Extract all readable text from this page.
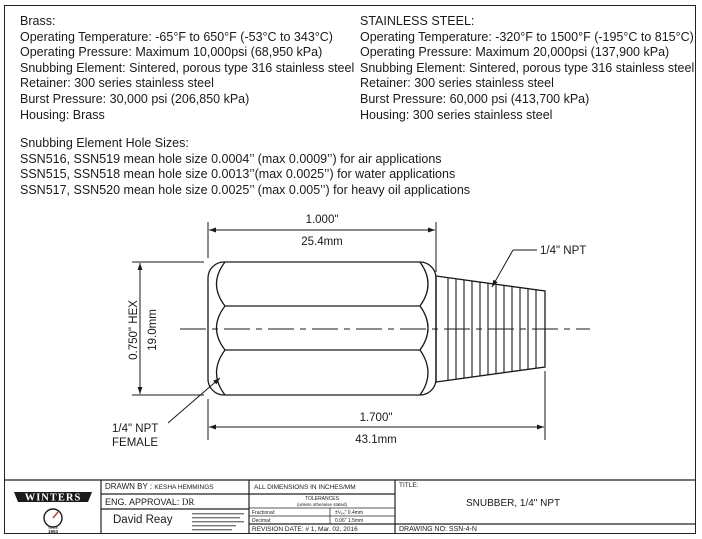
Brass:
Operating Temperature: -65°F to 650°F (-53°C to 343°C)
Operating Pressure: Maximum 10,000psi (68,950 kPa)
Snubbing Element: Sintered, porous type 316 stainless steel
Retainer: 300 series stainless steel
Burst Pressure: 30,000 psi (206,850 kPa)
Housing: Brass
STAINLESS STEEL:
Operating Temperature: -320°F to 1500°F (-195°C to 815°C)
Operating Pressure: Maximum 20,000psi (137,900 kPa)
Snubbing Element: Sintered, porous type 316 stainless steel
Retainer: 300 series stainless steel
Burst Pressure: 60,000 psi (413,700 kPa)
Housing: 300 series stainless steel
Snubbing Element Hole Sizes:
SSN516, SSN519 mean hole size 0.0004’’ (max 0.0009’’) for air applications
SSN515, SSN518 mean hole size 0.0013’’(max 0.0025’’) for water applications
SSN517, SSN520 mean hole size 0.0025’’ (max 0.005’’) for heavy oil applications
1.000"
25.4mm
1/4" NPT
0.750" HEX 19.0mm
1/4" NPT
FEMALE
1.700"
43.1mm
WINTERS
Since
1953
DRAWN BY : KESHA HEMMINGS
ENG. APPROVAL: DR
David Reay
ALL DIMENSIONS IN INCHES/MM
TOLERANCES
(unless otherwise stated)
Fractional:	±⅟₆₄" 0.4mm
Decimal:	0.06" 1.5mm
REVISION DATE: # 1, Mar. 02, 2016
TITLE:
SNUBBER, 1/4" NPT
DRAWING NO: SSN-4-N
